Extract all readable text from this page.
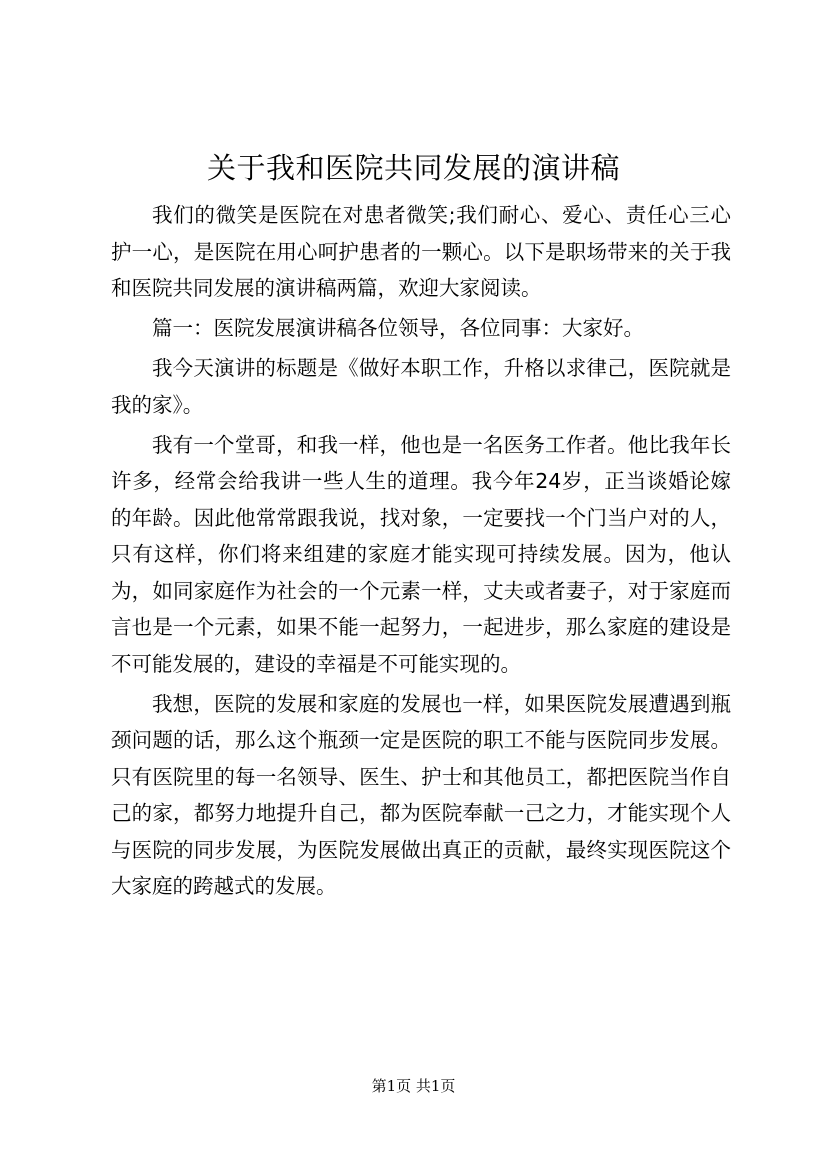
关于我和医院共同发展的演讲稿

我们的微笑是医院在对患者微笑;我们耐心、爱心、责任心三心护一心，是医院在用心呵护患者的一颗心。以下是职场带来的关于我和医院共同发展的演讲稿两篇，欢迎大家阅读。

篇一：医院发展演讲稿各位领导，各位同事：大家好。

我今天演讲的标题是《做好本职工作，升格以求律己，医院就是我的家》。

我有一个堂哥，和我一样，他也是一名医务工作者。他比我年长许多，经常会给我讲一些人生的道理。我今年24岁，正当谈婚论嫁的年龄。因此他常常跟我说，找对象，一定要找一个门当户对的人，只有这样，你们将来组建的家庭才能实现可持续发展。因为，他认为，如同家庭作为社会的一个元素一样，丈夫或者妻子，对于家庭而言也是一个元素，如果不能一起努力，一起进步，那么家庭的建设是不可能发展的，建设的幸福是不可能实现的。

我想，医院的发展和家庭的发展也一样，如果医院发展遭遇到瓶颈问题的话，那么这个瓶颈一定是医院的职工不能与医院同步发展。只有医院里的每一名领导、医生、护士和其他员工，都把医院当作自己的家，都努力地提升自己，都为医院奉献一己之力，才能实现个人与医院的同步发展，为医院发展做出真正的贡献，最终实现医院这个大家庭的跨越式的发展。

第1页 共1页
